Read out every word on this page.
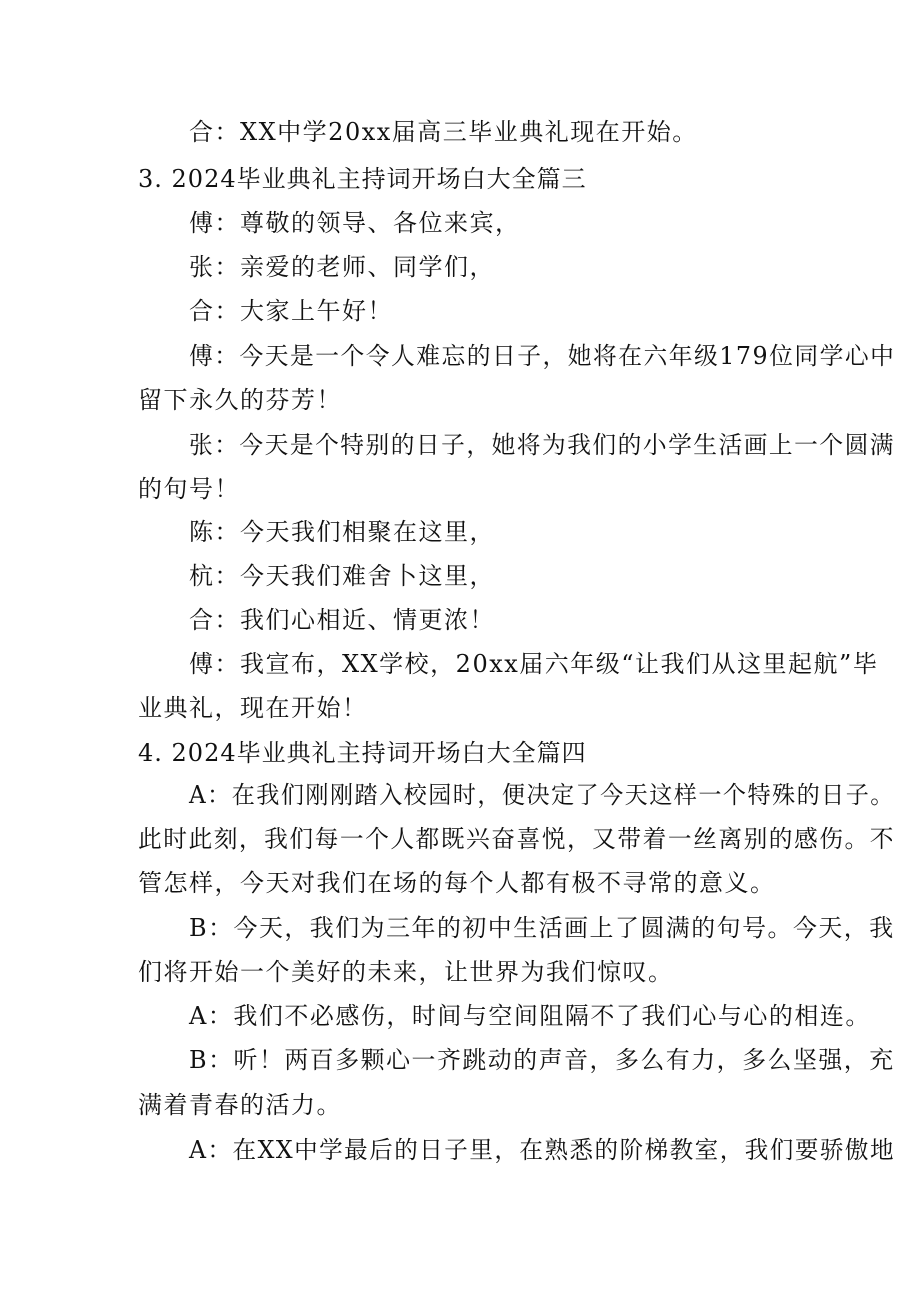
合：XX中学20xx届高三毕业典礼现在开始。
3. 2024毕业典礼主持词开场白大全篇三
傅：尊敬的领导、各位来宾，
张：亲爱的老师、同学们，
合：大家上午好！
傅：今天是一个令人难忘的日子，她将在六年级179位同学心中
留下永久的芬芳！
张：今天是个特别的日子，她将为我们的小学生活画上一个圆满
的句号！
陈：今天我们相聚在这里，
杭：今天我们难舍卜这里，
合：我们心相近、情更浓！
傅：我宣布，XX学校，20xx届六年级“让我们从这里起航”毕
业典礼，现在开始！
4. 2024毕业典礼主持词开场白大全篇四
A：在我们刚刚踏入校园时，便决定了今天这样一个特殊的日子。
此时此刻，我们每一个人都既兴奋喜悦，又带着一丝离别的感伤。不
管怎样，今天对我们在场的每个人都有极不寻常的意义。
B：今天，我们为三年的初中生活画上了圆满的句号。今天，我
们将开始一个美好的未来，让世界为我们惊叹。
A：我们不必感伤，时间与空间阻隔不了我们心与心的相连。
B：听！两百多颗心一齐跳动的声音，多么有力，多么坚强，充
满着青春的活力。
A：在XX中学最后的日子里，在熟悉的阶梯教室，我们要骄傲地
